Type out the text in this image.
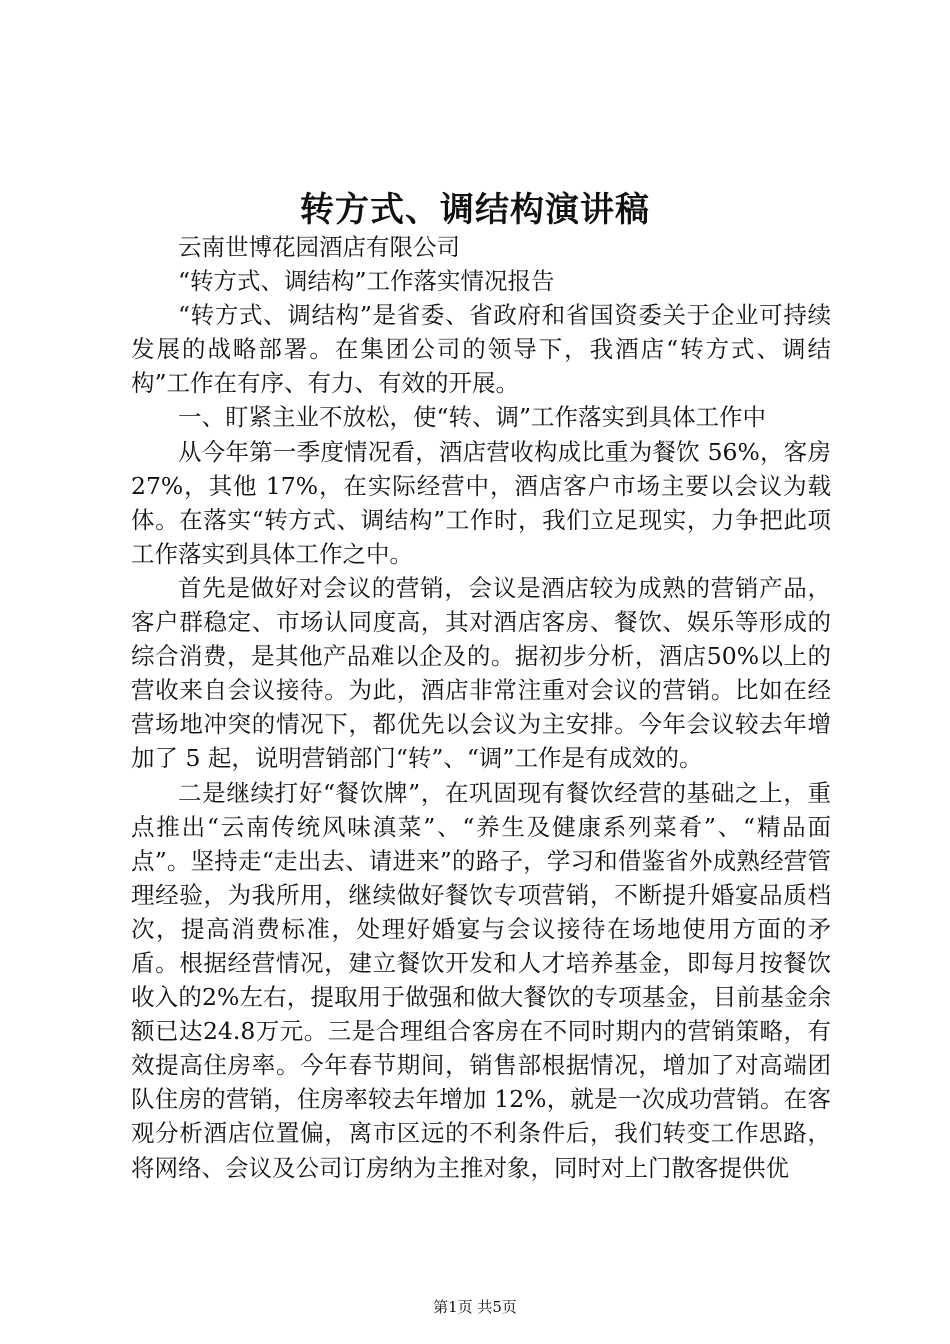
转方式、调结构演讲稿

云南世博花园酒店有限公司

“转方式、调结构”工作落实情况报告

“转方式、调结构”是省委、省政府和省国资委关于企业可持续发展的战略部署。在集团公司的领导下，我酒店“转方式、调结构”工作在有序、有力、有效的开展。

一、盯紧主业不放松，使“转、调”工作落实到具体工作中

从今年第一季度情况看，酒店营收构成比重为餐饮 56%，客房 27%，其他 17%，在实际经营中，酒店客户市场主要以会议为载体。在落实“转方式、调结构”工作时，我们立足现实，力争把此项工作落实到具体工作之中。

首先是做好对会议的营销，会议是酒店较为成熟的营销产品，客户群稳定、市场认同度高，其对酒店客房、餐饮、娱乐等形成的综合消费，是其他产品难以企及的。据初步分析，酒店50%以上的营收来自会议接待。为此，酒店非常注重对会议的营销。比如在经营场地冲突的情况下，都优先以会议为主安排。今年会议较去年增加了 5 起，说明营销部门“转”、“调”工作是有成效的。

二是继续打好“餐饮牌”，在巩固现有餐饮经营的基础之上，重点推出“云南传统风味滇菜”、“养生及健康系列菜肴”、“精品面点”。坚持走“走出去、请进来”的路子，学习和借鉴省外成熟经营管理经验，为我所用，继续做好餐饮专项营销，不断提升婚宴品质档次，提高消费标准，处理好婚宴与会议接待在场地使用方面的矛盾。根据经营情况，建立餐饮开发和人才培养基金，即每月按餐饮收入的2%左右，提取用于做强和做大餐饮的专项基金，目前基金余额已达24.8万元。三是合理组合客房在不同时期内的营销策略，有效提高住房率。今年春节期间，销售部根据情况，增加了对高端团队住房的营销，住房率较去年增加 12%，就是一次成功营销。在客观分析酒店位置偏，离市区远的不利条件后，我们转变工作思路，将网络、会议及公司订房纳为主推对象，同时对上门散客提供优

第1页 共5页
